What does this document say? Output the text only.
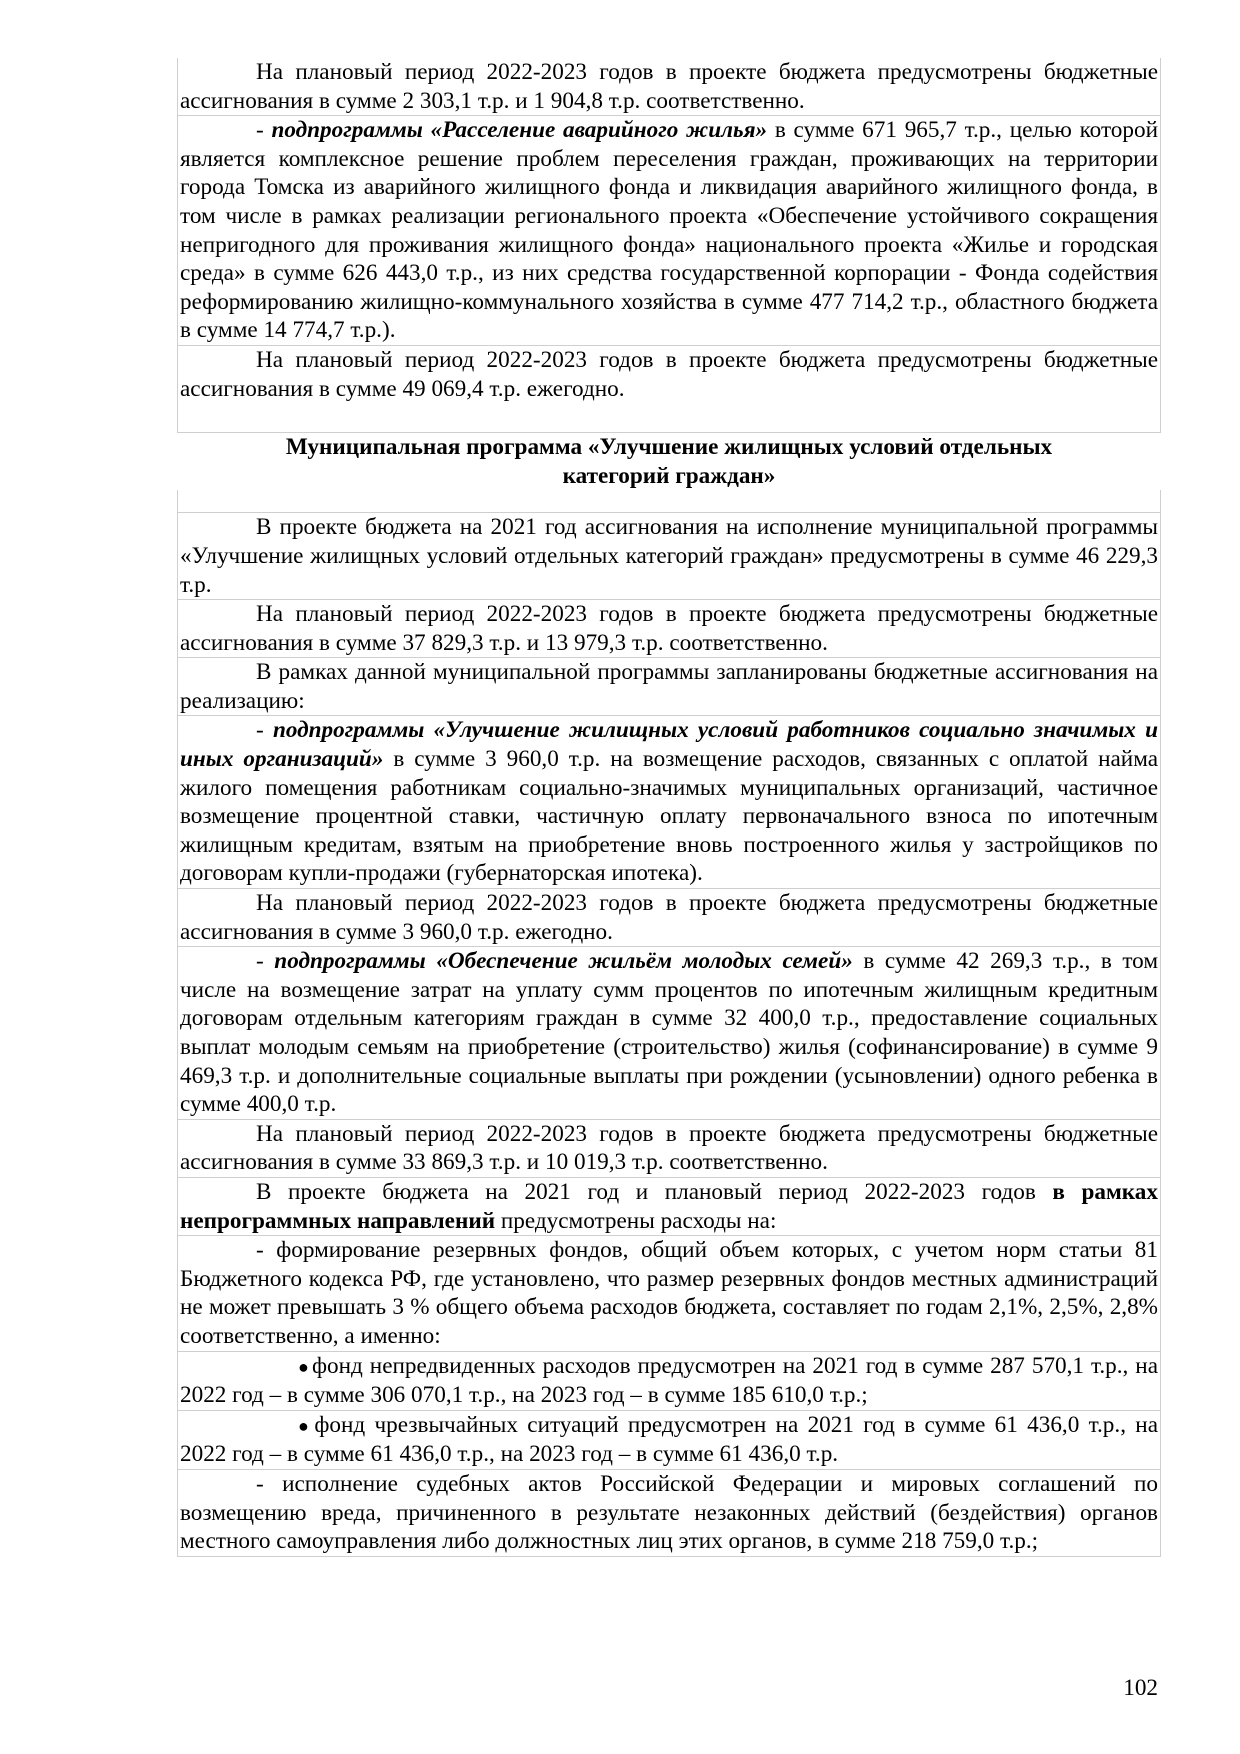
На плановый период 2022-2023 годов в проекте бюджета предусмотрены бюджетные ассигнования в сумме 2 303,1 т.р. и 1 904,8 т.р. соответственно.

- подпрограммы «Расселение аварийного жилья» в сумме 671 965,7 т.р., целью которой является комплексное решение проблем переселения граждан, проживающих на территории города Томска из аварийного жилищного фонда и ликвидация аварийного жилищного фонда, в том числе в рамках реализации регионального проекта «Обеспечение устойчивого сокращения непригодного для проживания жилищного фонда» национального проекта «Жилье и городская среда» в сумме 626 443,0 т.р., из них средства государственной корпорации - Фонда содействия реформированию жилищно-коммунального хозяйства в сумме 477 714,2 т.р., областного бюджета в сумме 14 774,7 т.р.).

На плановый период 2022-2023 годов в проекте бюджета предусмотрены бюджетные ассигнования в сумме 49 069,4 т.р. ежегодно.

Муниципальная программа «Улучшение жилищных условий отдельных
категорий граждан»

В проекте бюджета на 2021 год ассигнования на исполнение муниципальной программы «Улучшение жилищных условий отдельных категорий граждан» предусмотрены в сумме 46 229,3 т.р.

На плановый период 2022-2023 годов в проекте бюджета предусмотрены бюджетные ассигнования в сумме 37 829,3 т.р. и 13 979,3 т.р. соответственно.

В рамках данной муниципальной программы запланированы бюджетные ассигнования на реализацию:

- подпрограммы «Улучшение жилищных условий работников социально значимых и иных организаций» в сумме 3 960,0 т.р. на возмещение расходов, связанных с оплатой найма жилого помещения работникам социально-значимых муниципальных организаций, частичное возмещение процентной ставки, частичную оплату первоначального взноса по ипотечным жилищным кредитам, взятым на приобретение вновь построенного жилья у застройщиков по договорам купли-продажи (губернаторская ипотека).

На плановый период 2022-2023 годов в проекте бюджета предусмотрены бюджетные ассигнования в сумме 3 960,0 т.р. ежегодно.

- подпрограммы «Обеспечение жильём молодых семей» в сумме 42 269,3 т.р., в том числе на возмещение затрат на уплату сумм процентов по ипотечным жилищным кредитным договорам отдельным категориям граждан в сумме 32 400,0 т.р., предоставление социальных выплат молодым семьям на приобретение (строительство) жилья (софинансирование) в сумме 9 469,3 т.р. и дополнительные социальные выплаты при рождении (усыновлении) одного ребенка в сумме 400,0 т.р.

На плановый период 2022-2023 годов в проекте бюджета предусмотрены бюджетные ассигнования в сумме 33 869,3 т.р. и 10 019,3 т.р. соответственно.

В проекте бюджета на 2021 год и плановый период 2022-2023 годов в рамках непрограммных направлений предусмотрены расходы на:

- формирование резервных фондов, общий объем которых, с учетом норм статьи 81 Бюджетного кодекса РФ, где установлено, что размер резервных фондов местных администраций не может превышать 3 % общего объема расходов бюджета, составляет по годам 2,1%, 2,5%, 2,8% соответственно, а именно:

●фонд непредвиденных расходов предусмотрен на 2021 год в сумме 287 570,1 т.р., на 2022 год – в сумме 306 070,1 т.р., на 2023 год – в сумме 185 610,0 т.р.;

●фонд чрезвычайных ситуаций предусмотрен на 2021 год в сумме 61 436,0 т.р., на 2022 год – в сумме 61 436,0 т.р., на 2023 год – в сумме 61 436,0 т.р.

- исполнение судебных актов Российской Федерации и мировых соглашений по возмещению вреда, причиненного в результате незаконных действий (бездействия) органов местного самоуправления либо должностных лиц этих органов, в сумме 218 759,0 т.р.;

102
